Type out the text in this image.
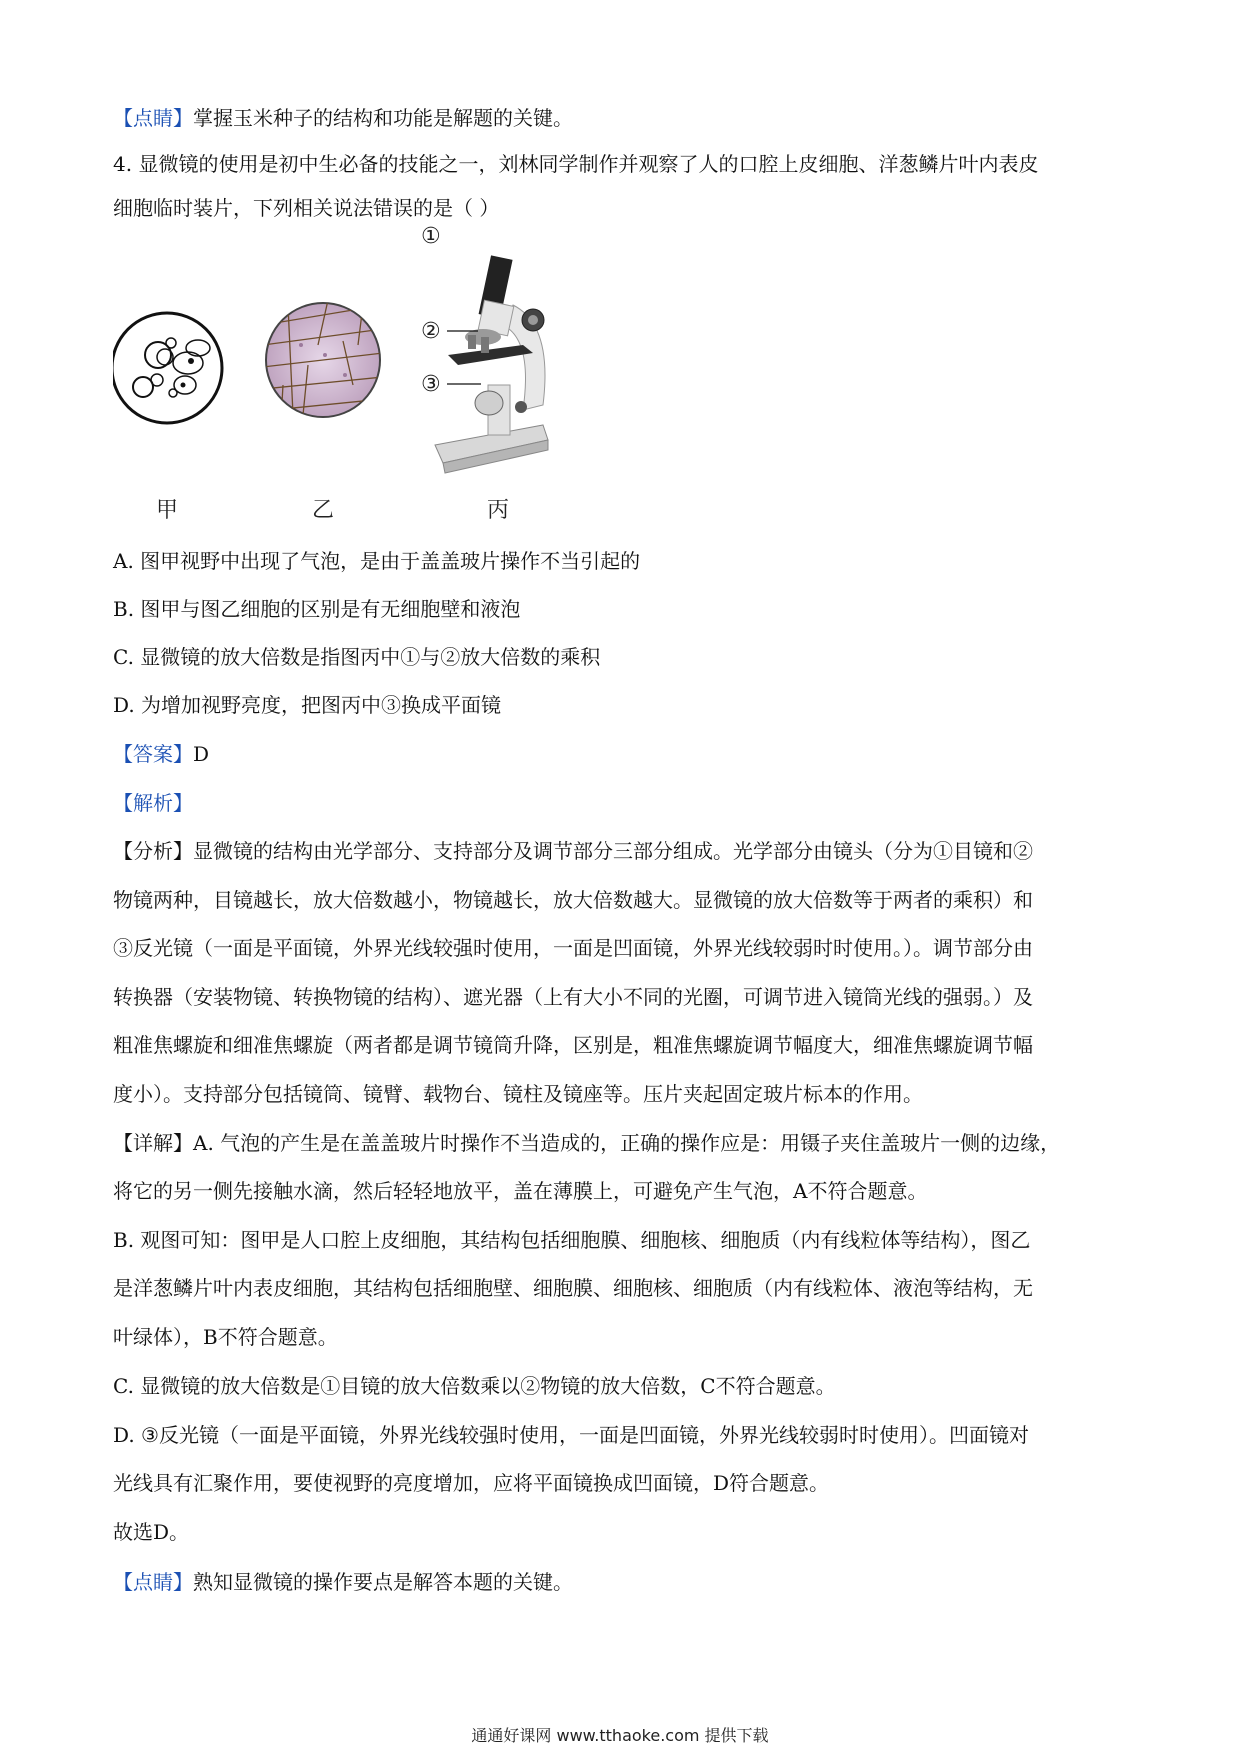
【点睛】掌握玉米种子的结构和功能是解题的关键。
4. 显微镜的使用是初中生必备的技能之一，刘林同学制作并观察了人的口腔上皮细胞、洋葱鳞片叶内表皮
细胞临时装片，下列相关说法错误的是（ ）
①
②
③
甲	乙	丙
A. 图甲视野中出现了气泡，是由于盖盖玻片操作不当引起的
B. 图甲与图乙细胞的区别是有无细胞壁和液泡
C. 显微镜的放大倍数是指图丙中①与②放大倍数的乘积
D. 为增加视野亮度，把图丙中③换成平面镜
【答案】D
【解析】
【分析】显微镜的结构由光学部分、支持部分及调节部分三部分组成。光学部分由镜头（分为①目镜和②
物镜两种，目镜越长，放大倍数越小，物镜越长，放大倍数越大。显微镜的放大倍数等于两者的乘积）和
③反光镜（一面是平面镜，外界光线较强时使用，一面是凹面镜，外界光线较弱时时使用。）。调节部分由
转换器（安装物镜、转换物镜的结构）、遮光器（上有大小不同的光圈，可调节进入镜筒光线的强弱。）及
粗准焦螺旋和细准焦螺旋（两者都是调节镜筒升降，区别是，粗准焦螺旋调节幅度大，细准焦螺旋调节幅
度小）。支持部分包括镜筒、镜臂、载物台、镜柱及镜座等。压片夹起固定玻片标本的作用。
【详解】A. 气泡的产生是在盖盖玻片时操作不当造成的，正确的操作应是：用镊子夹住盖玻片一侧的边缘，
将它的另一侧先接触水滴，然后轻轻地放平，盖在薄膜上，可避免产生气泡，A不符合题意。
B. 观图可知：图甲是人口腔上皮细胞，其结构包括细胞膜、细胞核、细胞质（内有线粒体等结构），图乙
是洋葱鳞片叶内表皮细胞，其结构包括细胞壁、细胞膜、细胞核、细胞质（内有线粒体、液泡等结构，无
叶绿体），B不符合题意。
C. 显微镜的放大倍数是①目镜的放大倍数乘以②物镜的放大倍数，C不符合题意。
D. ③反光镜（一面是平面镜，外界光线较强时使用，一面是凹面镜，外界光线较弱时时使用）。凹面镜对
光线具有汇聚作用，要使视野的亮度增加，应将平面镜换成凹面镜，D符合题意。
故选D。
【点睛】熟知显微镜的操作要点是解答本题的关键。
通通好课网 www.tthaoke.com 提供下载
